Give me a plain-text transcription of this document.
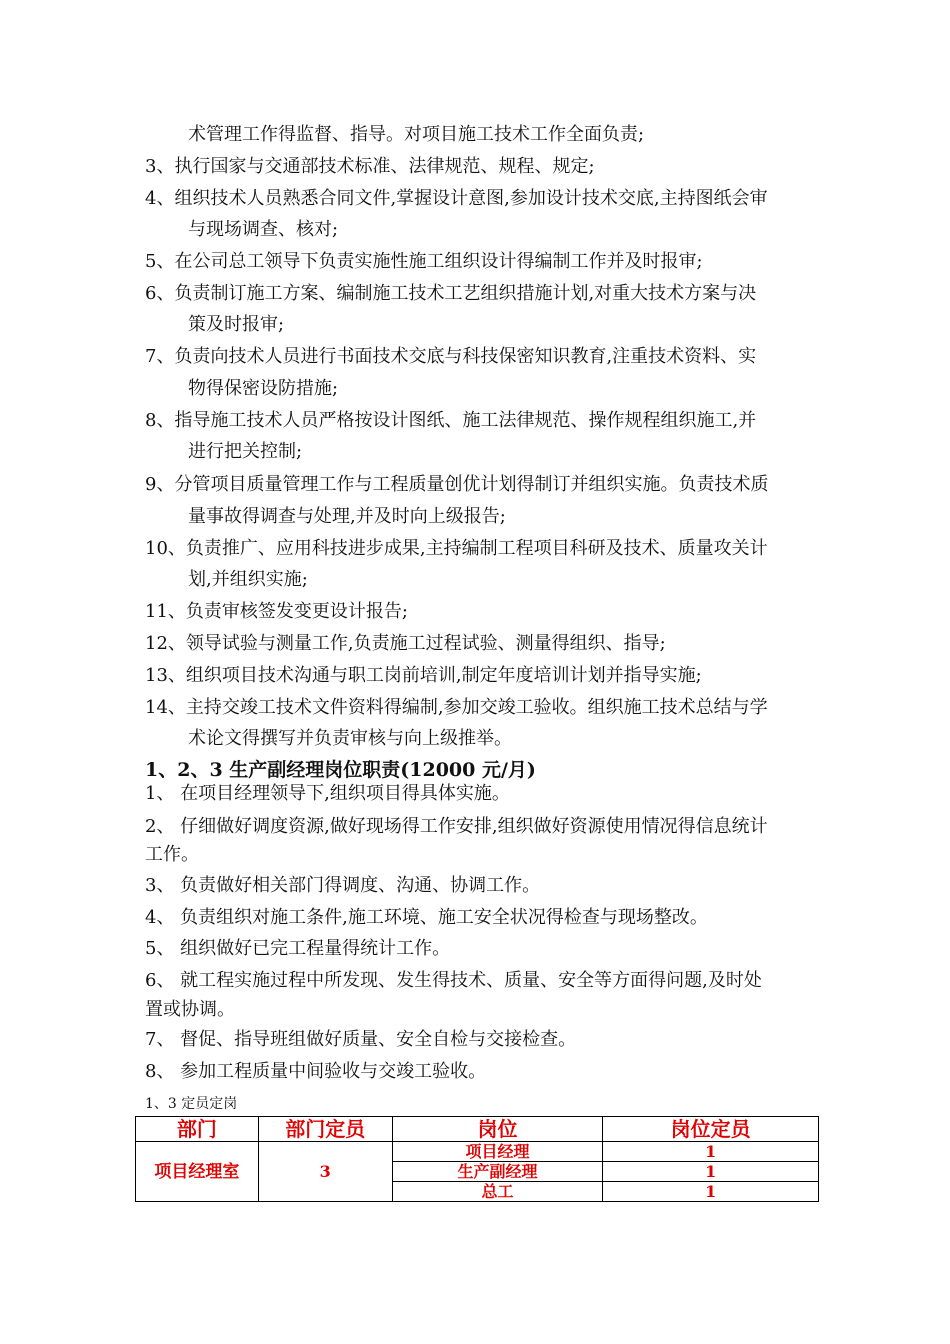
术管理工作得监督、指导。对项目施工技术工作全面负责;
3、执行国家与交通部技术标准、法律规范、规程、规定;
4、组织技术人员熟悉合同文件,掌握设计意图,参加设计技术交底,主持图纸会审
与现场调查、核对;
5、在公司总工领导下负责实施性施工组织设计得编制工作并及时报审;
6、负责制订施工方案、编制施工技术工艺组织措施计划,对重大技术方案与决
策及时报审;
7、负责向技术人员进行书面技术交底与科技保密知识教育,注重技术资料、实
物得保密设防措施;
8、指导施工技术人员严格按设计图纸、施工法律规范、操作规程组织施工,并
进行把关控制;
9、分管项目质量管理工作与工程质量创优计划得制订并组织实施。负责技术质
量事故得调查与处理,并及时向上级报告;
10、负责推广、应用科技进步成果,主持编制工程项目科研及技术、质量攻关计
划,并组织实施;
11、负责审核签发变更设计报告;
12、领导试验与测量工作,负责施工过程试验、测量得组织、指导;
13、组织项目技术沟通与职工岗前培训,制定年度培训计划并指导实施;
14、主持交竣工技术文件资料得编制,参加交竣工验收。组织施工技术总结与学
术论文得撰写并负责审核与向上级推举。
1、2、3 生产副经理岗位职责(12000 元/月)
1、 在项目经理领导下,组织项目得具体实施。
2、 仔细做好调度资源,做好现场得工作安排,组织做好资源使用情况得信息统计
工作。
3、 负责做好相关部门得调度、沟通、协调工作。
4、 负责组织对施工条件,施工环境、施工安全状况得检查与现场整改。
5、 组织做好已完工程量得统计工作。
6、 就工程实施过程中所发现、发生得技术、质量、安全等方面得问题,及时处
置或协调。
7、 督促、指导班组做好质量、安全自检与交接检查。
8、 参加工程质量中间验收与交竣工验收。
1、3 定员定岗
部门	部门定员	岗位	岗位定员
项目经理室	3	项目经理	1
		生产副经理	1
		总工	1
